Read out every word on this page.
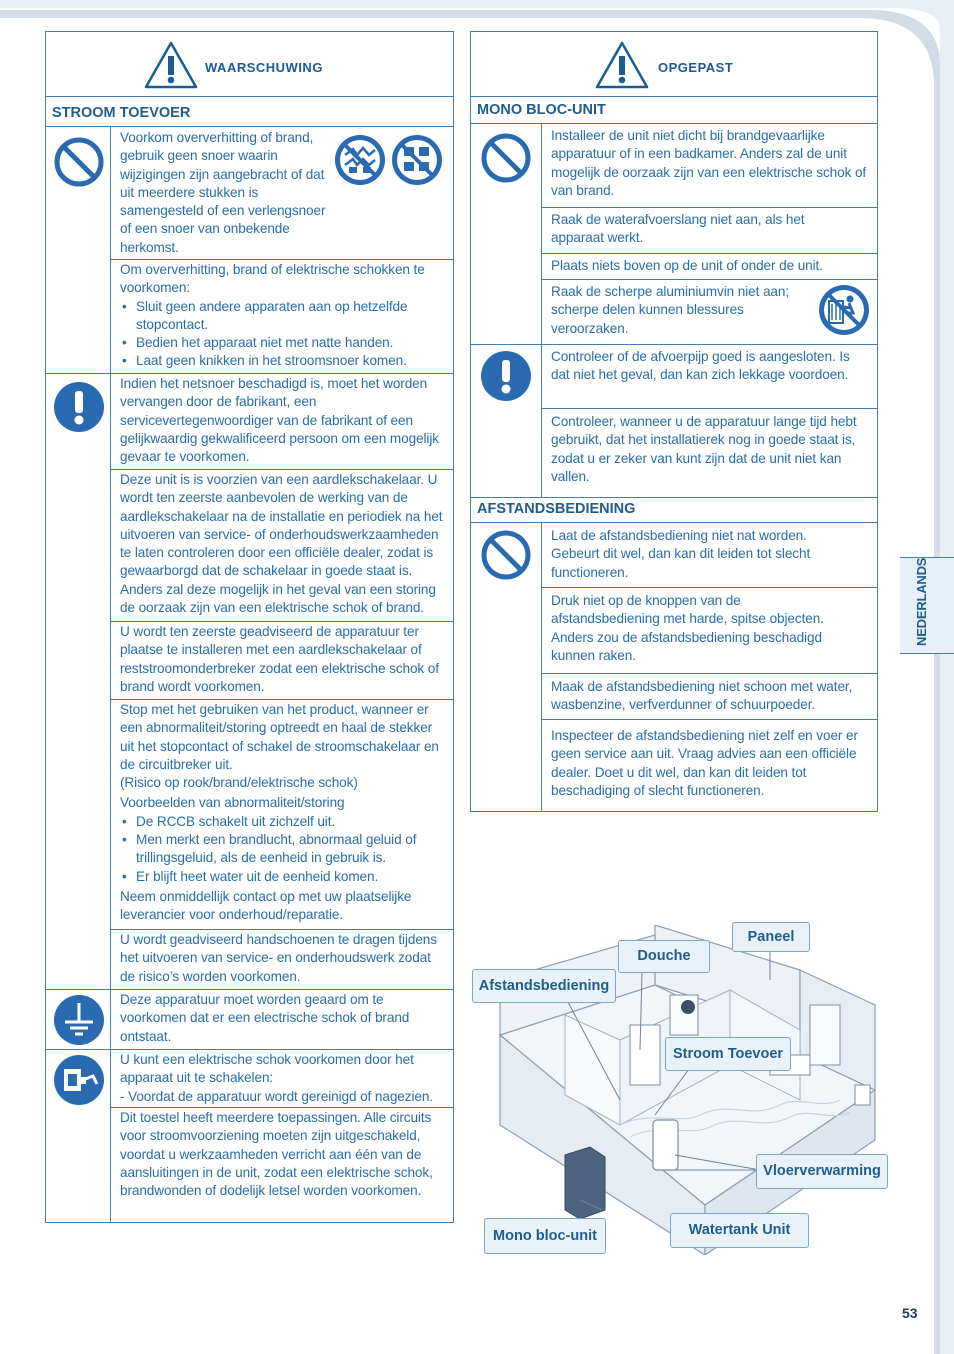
WAARSCHUWING
STROOM TOEVOER
Voorkom oververhitting of brand, gebruik geen snoer waarin wijzigingen zijn aangebracht of dat uit meerdere stukken is samengesteld of een verlengsnoer of een snoer van onbekende herkomst.
Om oververhitting, brand of elektrische schokken te voorkomen:
• Sluit geen andere apparaten aan op hetzelfde stopcontact.
• Bedien het apparaat niet met natte handen.
• Laat geen knikken in het stroomsnoer komen.
Indien het netsnoer beschadigd is, moet het worden vervangen door de fabrikant, een servicevertegenwoordiger van de fabrikant of een gelijkwaardig gekwalificeerd persoon om een mogelijk gevaar te voorkomen.
Deze unit is is voorzien van een aardlekschakelaar. U wordt ten zeerste aanbevolen de werking van de aardlekschakelaar na de installatie en periodiek na het uitvoeren van service- of onderhoudswerkzaamheden te laten controleren door een officiële dealer, zodat is gewaarborgd dat de schakelaar in goede staat is. Anders zal deze mogelijk in het geval van een storing de oorzaak zijn van een elektrische schok of brand.
U wordt ten zeerste geadviseerd de apparatuur ter plaatse te installeren met een aardlekschakelaar of reststroomonderbreker zodat een elektrische schok of brand wordt voorkomen.
Stop met het gebruiken van het product, wanneer er een abnormaliteit/storing optreedt en haal de stekker uit het stopcontact of schakel de stroomschakelaar en de circuitbreker uit.
(Risico op rook/brand/elektrische schok)
Voorbeelden van abnormaliteit/storing
• De RCCB schakelt uit zichzelf uit.
• Men merkt een brandlucht, abnormaal geluid of trillingsgeluid, als de eenheid in gebruik is.
• Er blijft heet water uit de eenheid komen.
Neem onmiddellijk contact op met uw plaatselijke leverancier voor onderhoud/reparatie.
U wordt geadviseerd handschoenen te dragen tijdens het uitvoeren van service- en onderhoudswerk zodat de risico’s worden voorkomen.
Deze apparatuur moet worden geaard om te voorkomen dat er een electrische schok of brand ontstaat.
U kunt een elektrische schok voorkomen door het apparaat uit te schakelen:
- Voordat de apparatuur wordt gereinigd of nagezien.
Dit toestel heeft meerdere toepassingen. Alle circuits voor stroomvoorziening moeten zijn uitgeschakeld, voordat u werkzaamheden verricht aan één van de aansluitingen in de unit, zodat een elektrische schok, brandwonden of dodelijk letsel worden voorkomen.
OPGEPAST
MONO BLOC-UNIT
AFSTANDSBEDIENING
Installeer de unit niet dicht bij brandgevaarlijke apparatuur of in een badkamer. Anders zal de unit mogelijk de oorzaak zijn van een elektrische schok of van brand.
Raak de waterafvoerslang niet aan, als het apparaat werkt.
Plaats niets boven op de unit of onder de unit.
Raak de scherpe aluminiumvin niet aan; scherpe delen kunnen blessures veroorzaken.
Controleer of de afvoerpijp goed is aangesloten. Is dat niet het geval, dan kan zich lekkage voordoen.
Controleer, wanneer u de apparatuur lange tijd hebt gebruikt, dat het installatierek nog in goede staat is, zodat u er zeker van kunt zijn dat de unit niet kan vallen.
Laat de afstandsbediening niet nat worden. Gebeurt dit wel, dan kan dit leiden tot slecht functioneren.
Druk niet op de knoppen van de afstandsbediening met harde, spitse objecten. Anders zou de afstandsbediening beschadigd kunnen raken.
Maak de afstandsbediening niet schoon met water, wasbenzine, verfverdunner of schuurpoeder.
Inspecteer de afstandsbediening niet zelf en voer er geen service aan uit. Vraag advies aan een officiële dealer. Doet u dit wel, dan kan dit leiden tot beschadiging of slecht functioneren.
NEDERLANDS
Paneel
Douche
Afstandsbediening
Stroom Toevoer
Vloerverwarming
Watertank Unit
Mono bloc-unit
53
